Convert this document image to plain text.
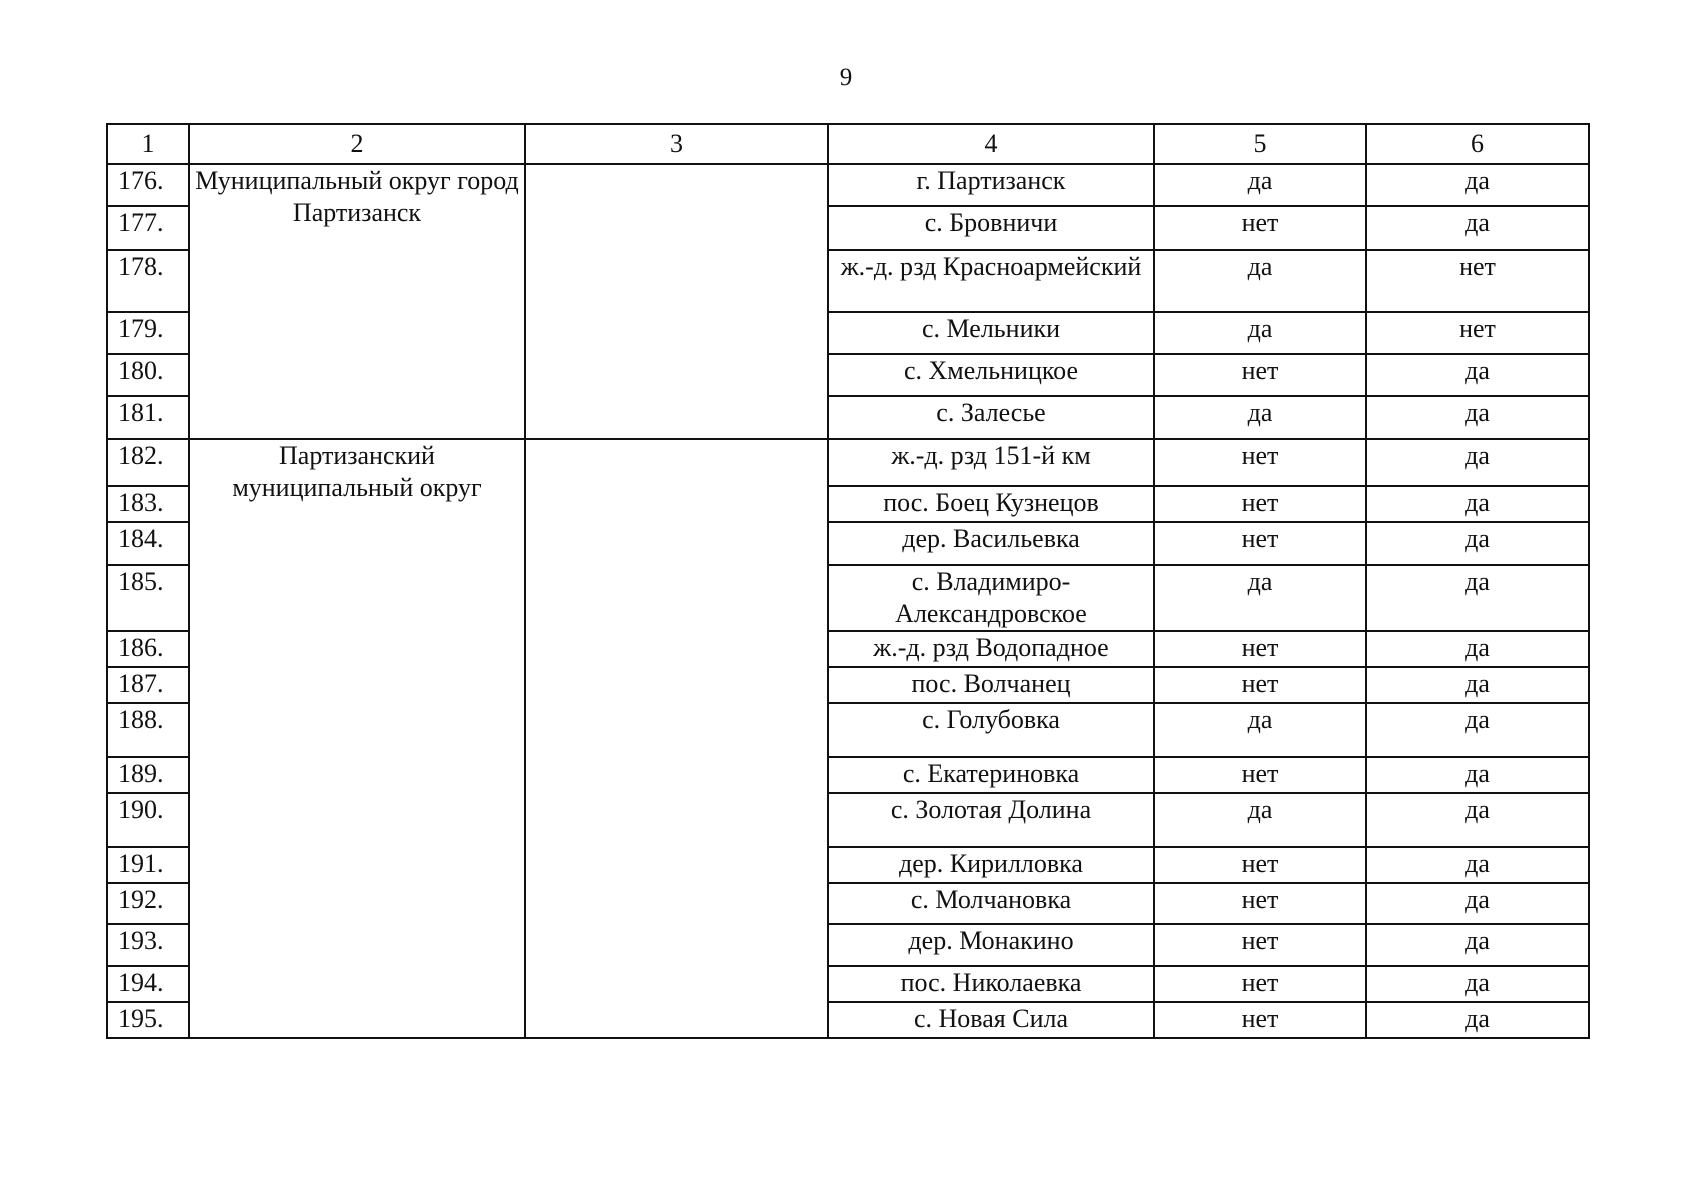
9
1	2	3	4	5	6
176.	Муниципальный округ город Партизанск		г. Партизанск	да	да
177.			с. Бровничи	нет	да
178.			ж.-д. рзд Красноармейский	да	нет
179.			с. Мельники	да	нет
180.			с. Хмельницкое	нет	да
181.			с. Залесье	да	да
182.	Партизанский муниципальный округ		ж.-д. рзд 151-й км	нет	да
183.			пос. Боец Кузнецов	нет	да
184.			дер. Васильевка	нет	да
185.			с. Владимиро-Александровское	да	да
186.			ж.-д. рзд Водопадное	нет	да
187.			пос. Волчанец	нет	да
188.			с. Голубовка	да	да
189.			с. Екатериновка	нет	да
190.			с. Золотая Долина	да	да
191.			дер. Кирилловка	нет	да
192.			с. Молчановка	нет	да
193.			дер. Монакино	нет	да
194.			пос. Николаевка	нет	да
195.			с. Новая Сила	нет	да
